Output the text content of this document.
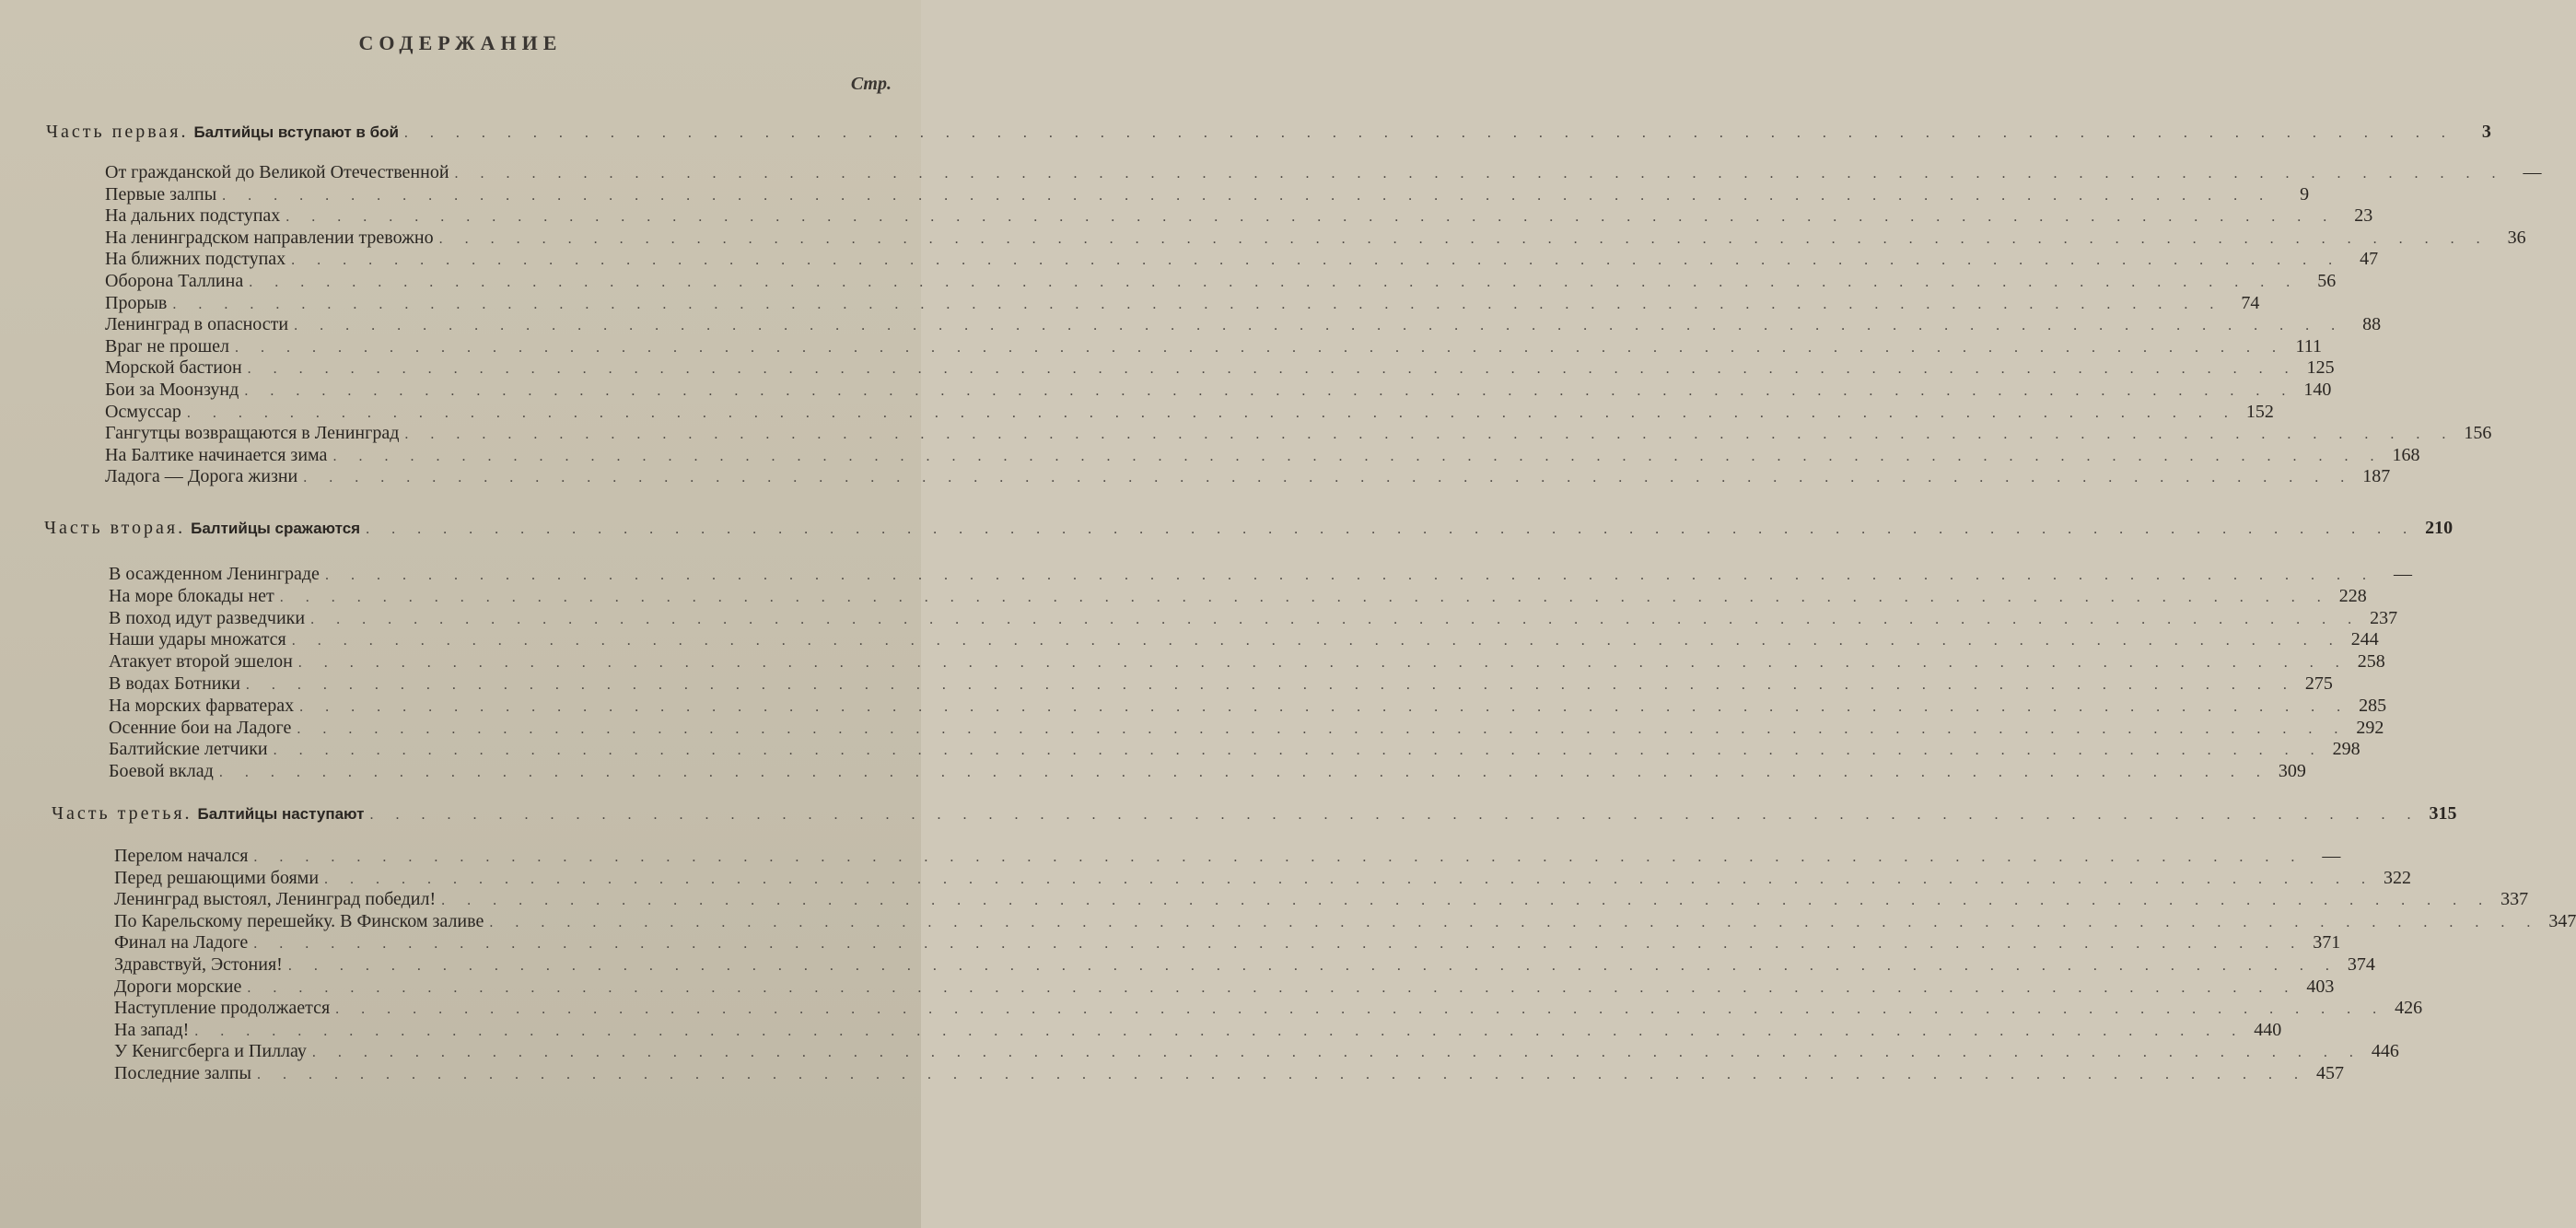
СОДЕРЖАНИЕ
Стр.
Часть первая. Балтийцы вступают в бой . . . . . . . . . . . . . . . . . . . . . . . . . . . . . . . . . . . . . . . . . . . . . . . . . . . . . . . . . . . . . . . . . . . . . . . . . . . . . . . .	3
От гражданской до Великой Отечественной . . . . . . . . . . . . . . . . . . . . . . . . . . . . . . . . . . . . . . . . . . . . . . . . . . . . . . . . . . . . . . . . . . . . . . . . . . . . . . . .	—
Первые залпы . . . . . . . . . . . . . . . . . . . . . . . . . . . . . . . . . . . . . . . . . . . . . . . . . . . . . . . . . . . . . . . . . . . . . . . . . . . . . . . .	9
На дальних подступах . . . . . . . . . . . . . . . . . . . . . . . . . . . . . . . . . . . . . . . . . . . . . . . . . . . . . . . . . . . . . . . . . . . . . . . . . . . . . . . .	23
На ленинградском направлении тревожно . . . . . . . . . . . . . . . . . . . . . . . . . . . . . . . . . . . . . . . . . . . . . . . . . . . . . . . . . . . . . . . . . . . . . . . . . . . . . . . .	36
На ближних подступах . . . . . . . . . . . . . . . . . . . . . . . . . . . . . . . . . . . . . . . . . . . . . . . . . . . . . . . . . . . . . . . . . . . . . . . . . . . . . . . .	47
Оборона Таллина . . . . . . . . . . . . . . . . . . . . . . . . . . . . . . . . . . . . . . . . . . . . . . . . . . . . . . . . . . . . . . . . . . . . . . . . . . . . . . . .	56
Прорыв . . . . . . . . . . . . . . . . . . . . . . . . . . . . . . . . . . . . . . . . . . . . . . . . . . . . . . . . . . . . . . . . . . . . . . . . . . . . . . . .	74
Ленинград в опасности . . . . . . . . . . . . . . . . . . . . . . . . . . . . . . . . . . . . . . . . . . . . . . . . . . . . . . . . . . . . . . . . . . . . . . . . . . . . . . . .	88
Враг не прошел . . . . . . . . . . . . . . . . . . . . . . . . . . . . . . . . . . . . . . . . . . . . . . . . . . . . . . . . . . . . . . . . . . . . . . . . . . . . . . . . 111
Морской бастион . . . . . . . . . . . . . . . . . . . . . . . . . . . . . . . . . . . . . . . . . . . . . . . . . . . . . . . . . . . . . . . . . . . . . . . . . . . . . . . . 125
Бои за Моонзунд . . . . . . . . . . . . . . . . . . . . . . . . . . . . . . . . . . . . . . . . . . . . . . . . . . . . . . . . . . . . . . . . . . . . . . . . . . . . . . . . 140
Осмуссар . . . . . . . . . . . . . . . . . . . . . . . . . . . . . . . . . . . . . . . . . . . . . . . . . . . . . . . . . . . . . . . . . . . . . . . . . . . . . . . . 152
Гангутцы возвращаются в Ленинград . . . . . . . . . . . . . . . . . . . . . . . . . . . . . . . . . . . . . . . . . . . . . . . . . . . . . . . . . . . . . . . . . . . . . . . . . . . . . . . . 156
На Балтике начинается зима . . . . . . . . . . . . . . . . . . . . . . . . . . . . . . . . . . . . . . . . . . . . . . . . . . . . . . . . . . . . . . . . . . . . . . . . . . . . . . . . 168
Ладога — Дорога жизни . . . . . . . . . . . . . . . . . . . . . . . . . . . . . . . . . . . . . . . . . . . . . . . . . . . . . . . . . . . . . . . . . . . . . . . . . . . . . . . . 187
Часть вторая. Балтийцы сражаются . . . . . . . . . . . . . . . . . . . . . . . . . . . . . . . . . . . . . . . . . . . . . . . . . . . . . . . . . . . . . . . . . . . . . . . . . . . . . . . . 210
В осажденном Ленинграде . . . . . . . . . . . . . . . . . . . . . . . . . . . . . . . . . . . . . . . . . . . . . . . . . . . . . . . . . . . . . . . . . . . . . . . . . . . . . . . .	—
На море блокады нет . . . . . . . . . . . . . . . . . . . . . . . . . . . . . . . . . . . . . . . . . . . . . . . . . . . . . . . . . . . . . . . . . . . . . . . . . . . . . . . . 228
В поход идут разведчики . . . . . . . . . . . . . . . . . . . . . . . . . . . . . . . . . . . . . . . . . . . . . . . . . . . . . . . . . . . . . . . . . . . . . . . . . . . . . . . . 237
Наши удары множатся . . . . . . . . . . . . . . . . . . . . . . . . . . . . . . . . . . . . . . . . . . . . . . . . . . . . . . . . . . . . . . . . . . . . . . . . . . . . . . . . 244
Атакует второй эшелон . . . . . . . . . . . . . . . . . . . . . . . . . . . . . . . . . . . . . . . . . . . . . . . . . . . . . . . . . . . . . . . . . . . . . . . . . . . . . . . . 258
В водах Ботники . . . . . . . . . . . . . . . . . . . . . . . . . . . . . . . . . . . . . . . . . . . . . . . . . . . . . . . . . . . . . . . . . . . . . . . . . . . . . . . . 275
На морских фарватерах . . . . . . . . . . . . . . . . . . . . . . . . . . . . . . . . . . . . . . . . . . . . . . . . . . . . . . . . . . . . . . . . . . . . . . . . . . . . . . . . 285
Осенние бои на Ладоге . . . . . . . . . . . . . . . . . . . . . . . . . . . . . . . . . . . . . . . . . . . . . . . . . . . . . . . . . . . . . . . . . . . . . . . . . . . . . . . . 292
Балтийские летчики . . . . . . . . . . . . . . . . . . . . . . . . . . . . . . . . . . . . . . . . . . . . . . . . . . . . . . . . . . . . . . . . . . . . . . . . . . . . . . . . 298
Боевой вклад . . . . . . . . . . . . . . . . . . . . . . . . . . . . . . . . . . . . . . . . . . . . . . . . . . . . . . . . . . . . . . . . . . . . . . . . . . . . . . . . 309
Часть третья. Балтийцы наступают . . . . . . . . . . . . . . . . . . . . . . . . . . . . . . . . . . . . . . . . . . . . . . . . . . . . . . . . . . . . . . . . . . . . . . . . . . . . . . . . 315
Перелом начался . . . . . . . . . . . . . . . . . . . . . . . . . . . . . . . . . . . . . . . . . . . . . . . . . . . . . . . . . . . . . . . . . . . . . . . . . . . . . . . .	—
Перед решающими боями . . . . . . . . . . . . . . . . . . . . . . . . . . . . . . . . . . . . . . . . . . . . . . . . . . . . . . . . . . . . . . . . . . . . . . . . . . . . . . . . 322
Ленинград выстоял, Ленинград победил! . . . . . . . . . . . . . . . . . . . . . . . . . . . . . . . . . . . . . . . . . . . . . . . . . . . . . . . . . . . . . . . . . . . . . . . . . . . . . . . . 337
По Карельскому перешейку. В Финском заливе . . . . . . . . . . . . . . . . . . . . . . . . . . . . . . . . . . . . . . . . . . . . . . . . . . . . . . . . . . . . . . . . . . . . . . . . . . . . . . . . 347
Финал на Ладоге . . . . . . . . . . . . . . . . . . . . . . . . . . . . . . . . . . . . . . . . . . . . . . . . . . . . . . . . . . . . . . . . . . . . . . . . . . . . . . . . 371
Здравствуй, Эстония! . . . . . . . . . . . . . . . . . . . . . . . . . . . . . . . . . . . . . . . . . . . . . . . . . . . . . . . . . . . . . . . . . . . . . . . . . . . . . . . . 374
Дороги морские . . . . . . . . . . . . . . . . . . . . . . . . . . . . . . . . . . . . . . . . . . . . . . . . . . . . . . . . . . . . . . . . . . . . . . . . . . . . . . . . 403
Наступление продолжается . . . . . . . . . . . . . . . . . . . . . . . . . . . . . . . . . . . . . . . . . . . . . . . . . . . . . . . . . . . . . . . . . . . . . . . . . . . . . . . . 426
На запад! . . . . . . . . . . . . . . . . . . . . . . . . . . . . . . . . . . . . . . . . . . . . . . . . . . . . . . . . . . . . . . . . . . . . . . . . . . . . . . . . 440
У Кенигсберга и Пиллау . . . . . . . . . . . . . . . . . . . . . . . . . . . . . . . . . . . . . . . . . . . . . . . . . . . . . . . . . . . . . . . . . . . . . . . . . . . . . . . . 446
Последние залпы . . . . . . . . . . . . . . . . . . . . . . . . . . . . . . . . . . . . . . . . . . . . . . . . . . . . . . . . . . . . . . . . . . . . . . . . . . . . . . . . 457
